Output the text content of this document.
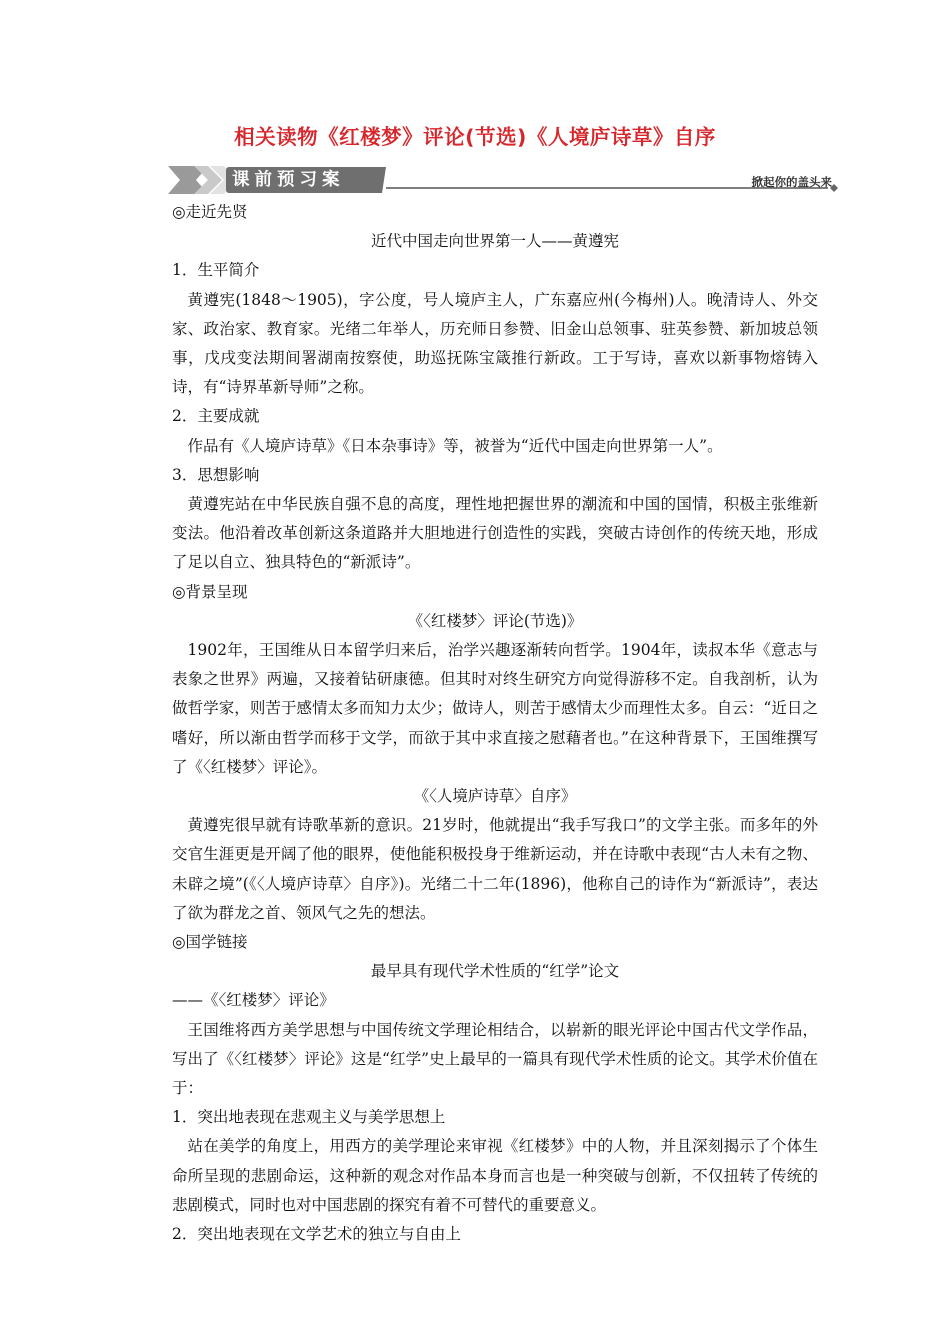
相关读物《红楼梦》评论(节选)《人境庐诗草》自序
课前预习案	掀起你的盖头来
◎走近先贤
近代中国走向世界第一人——黄遵宪
1．生平简介

黄遵宪(1848～1905)，字公度，号人境庐主人，广东嘉应州(今梅州)人。晚清诗人、外交家、政治家、教育家。光绪二年举人，历充师日参赞、旧金山总领事、驻英参赞、新加坡总领事，戊戌变法期间署湖南按察使，助巡抚陈宝箴推行新政。工于写诗，喜欢以新事物熔铸入诗，有“诗界革新导师”之称。

2．主要成就

作品有《人境庐诗草》《日本杂事诗》等，被誉为“近代中国走向世界第一人”。

3．思想影响

黄遵宪站在中华民族自强不息的高度，理性地把握世界的潮流和中国的国情，积极主张维新变法。他沿着改革创新这条道路并大胆地进行创造性的实践，突破古诗创作的传统天地，形成了足以自立、独具特色的“新派诗”。

◎背景呈现
《〈红楼梦〉评论(节选)》

1902年，王国维从日本留学归来后，治学兴趣逐渐转向哲学。1904年，读叔本华《意志与表象之世界》两遍，又接着钻研康德。但其时对终生研究方向觉得游移不定。自我剖析，认为做哲学家，则苦于感情太多而知力太少；做诗人，则苦于感情太少而理性太多。自云：“近日之嗜好，所以渐由哲学而移于文学，而欲于其中求直接之慰藉者也。”在这种背景下，王国维撰写了《〈红楼梦〉评论》。

《〈人境庐诗草〉自序》

黄遵宪很早就有诗歌革新的意识。21岁时，他就提出“我手写我口”的文学主张。而多年的外交官生涯更是开阔了他的眼界，使他能积极投身于维新运动，并在诗歌中表现“古人未有之物、未辟之境”(《〈人境庐诗草〉自序》)。光绪二十二年(1896)，他称自己的诗作为“新派诗”，表达了欲为群龙之首、领风气之先的想法。

◎国学链接
最早具有现代学术性质的“红学”论文
——《〈红楼梦〉评论》

王国维将西方美学思想与中国传统文学理论相结合，以崭新的眼光评论中国古代文学作品，写出了《〈红楼梦〉评论》这是“红学”史上最早的一篇具有现代学术性质的论文。其学术价值在于：

1．突出地表现在悲观主义与美学思想上

站在美学的角度上，用西方的美学理论来审视《红楼梦》中的人物，并且深刻揭示了个体生命所呈现的悲剧命运，这种新的观念对作品本身而言也是一种突破与创新，不仅扭转了传统的悲剧模式，同时也对中国悲剧的探究有着不可替代的重要意义。

2．突出地表现在文学艺术的独立与自由上
